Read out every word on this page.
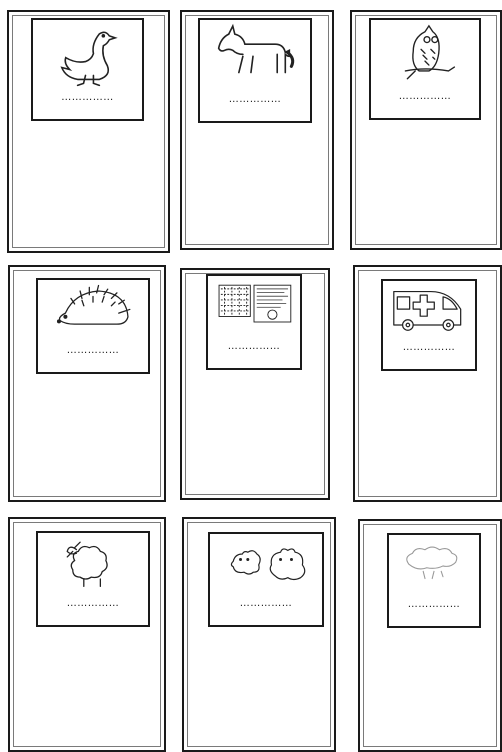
……………	……………	……………
……………	……………	……………
……………	……………	……………
